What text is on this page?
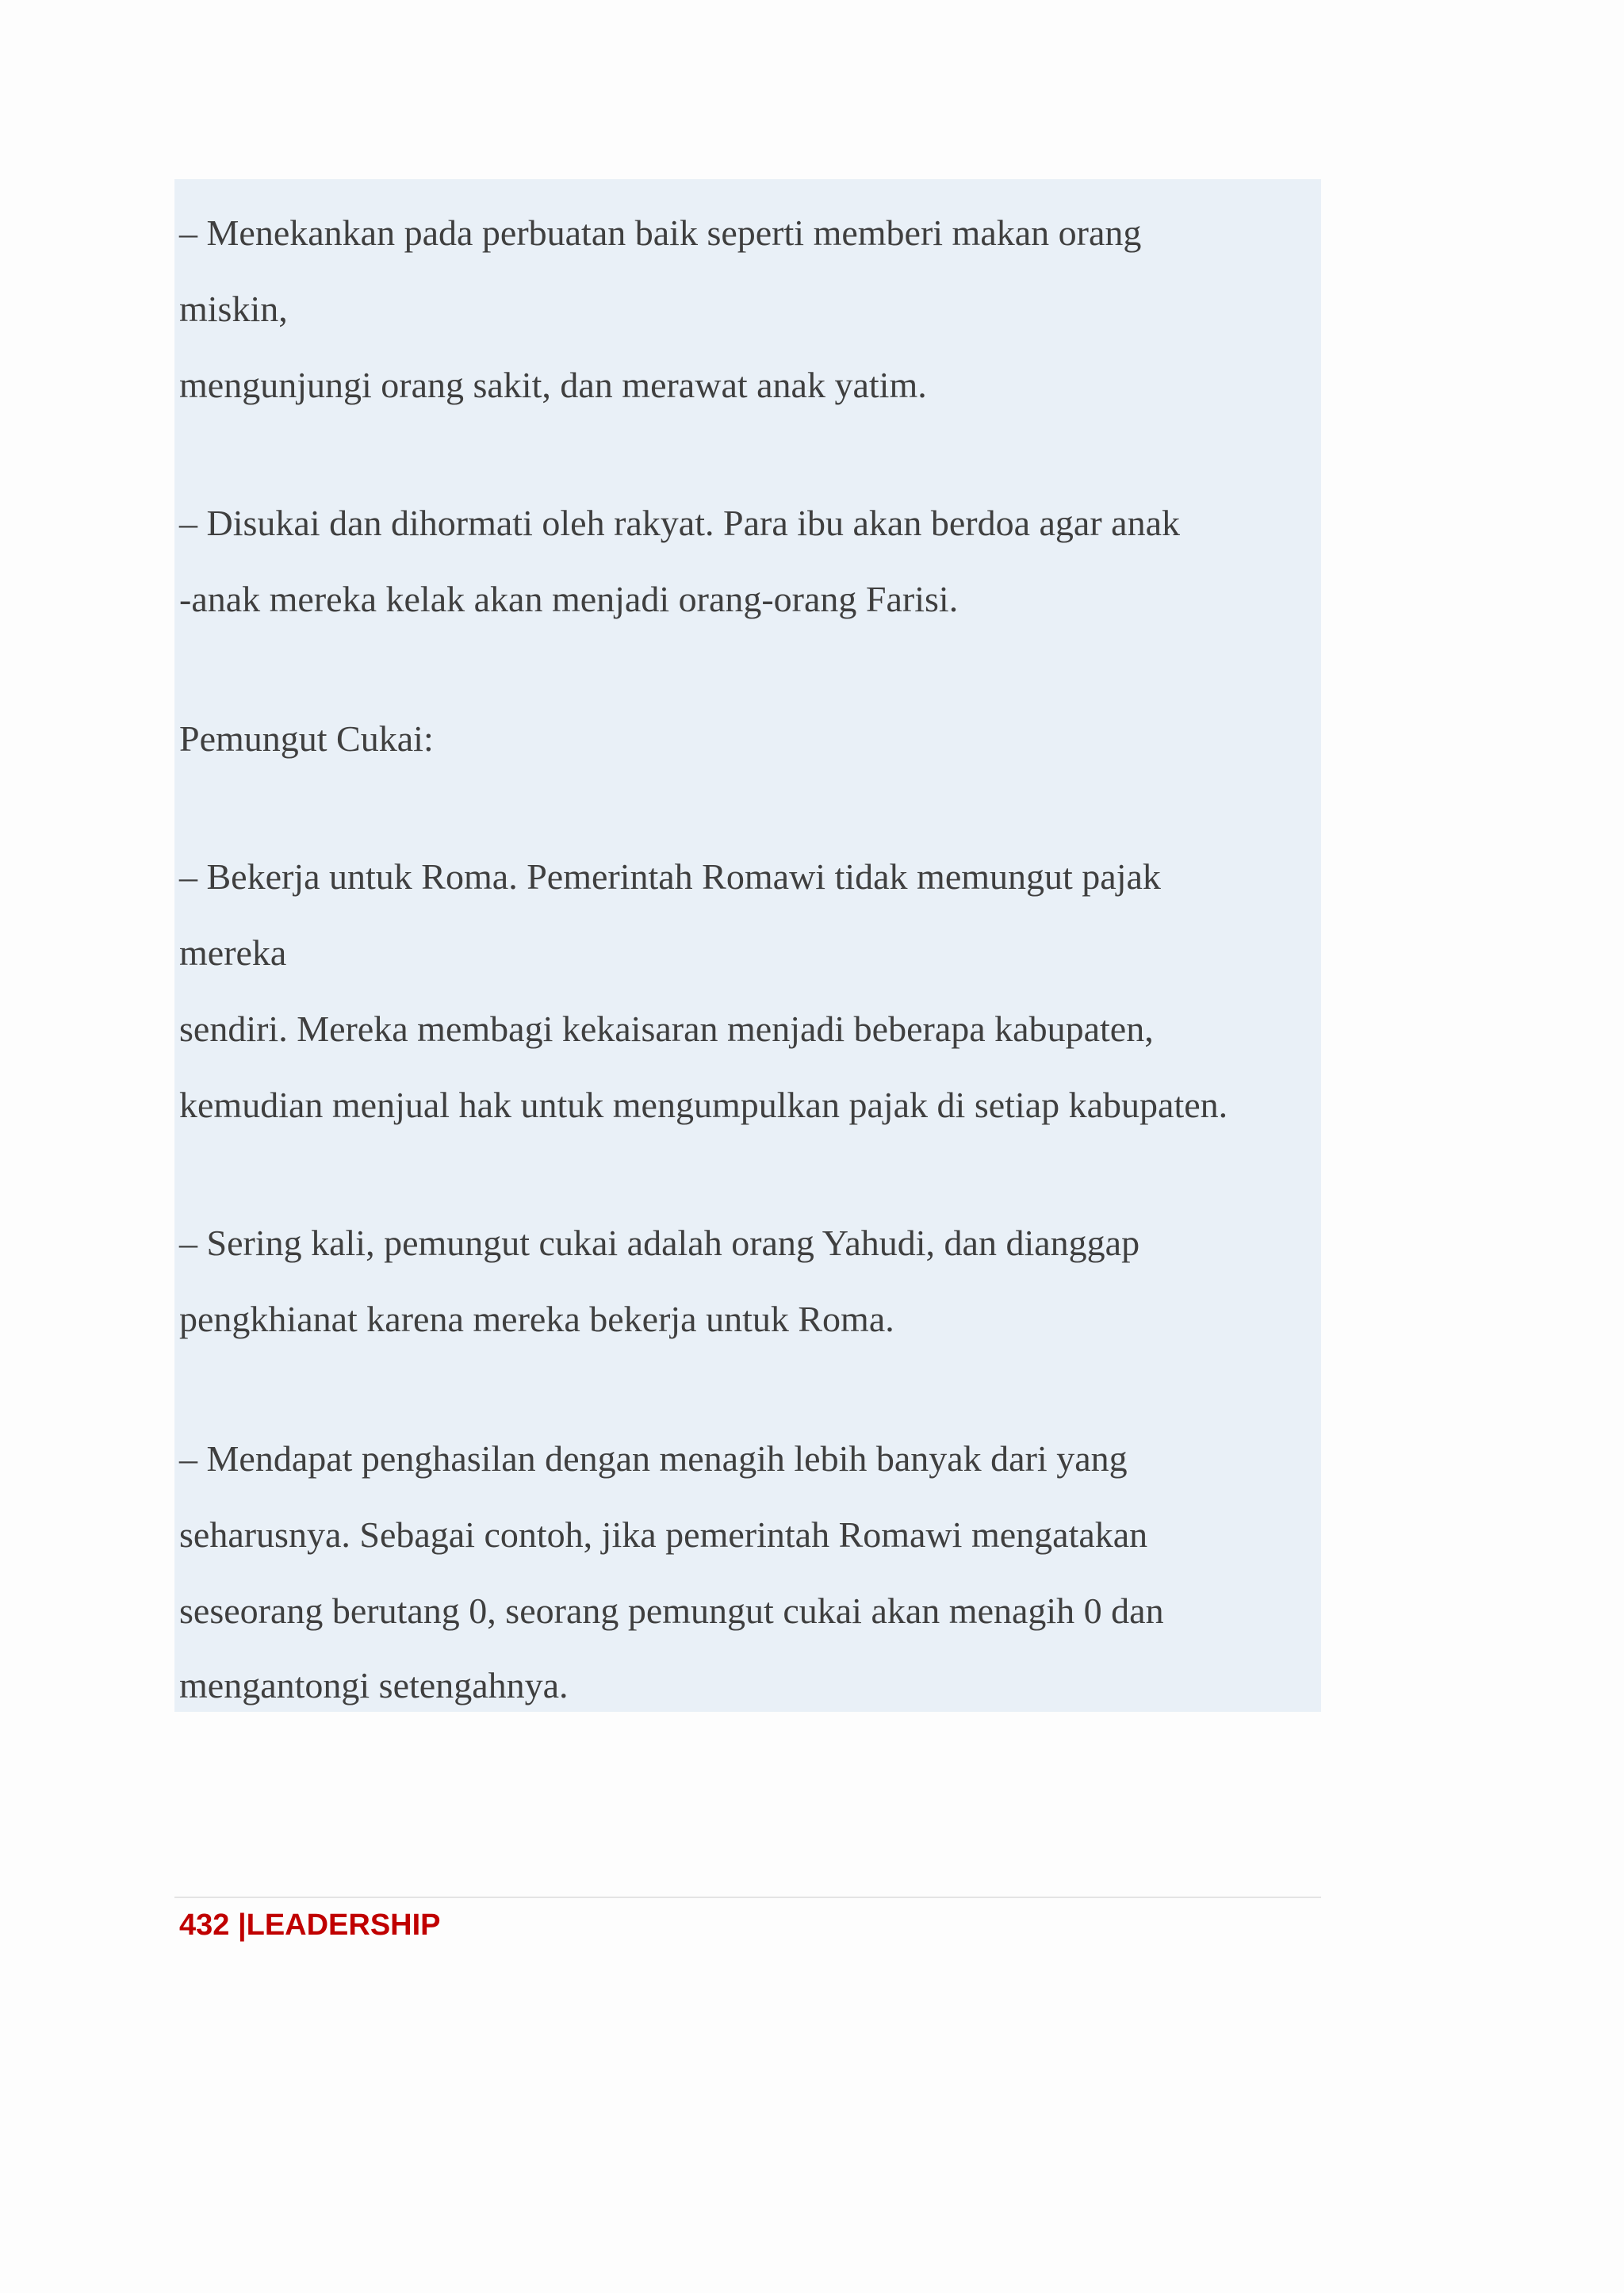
– Menekankan pada perbuatan baik seperti memberi makan orang

miskin,

mengunjungi orang sakit, dan merawat anak yatim.

– Disukai dan dihormati oleh rakyat. Para ibu akan berdoa agar anak

-anak mereka kelak akan menjadi orang-orang Farisi.

Pemungut Cukai:

– Bekerja untuk Roma. Pemerintah Romawi tidak memungut pajak

mereka

sendiri. Mereka membagi kekaisaran menjadi beberapa kabupaten,

kemudian menjual hak untuk mengumpulkan pajak di setiap kabupaten.

– Sering kali, pemungut cukai adalah orang Yahudi, dan dianggap

pengkhianat karena mereka bekerja untuk Roma.

– Mendapat penghasilan dengan menagih lebih banyak dari yang

seharusnya. Sebagai contoh, jika pemerintah Romawi mengatakan

seseorang berutang 0, seorang pemungut cukai akan menagih 0 dan

mengantongi setengahnya.

432 |LEADERSHIP
